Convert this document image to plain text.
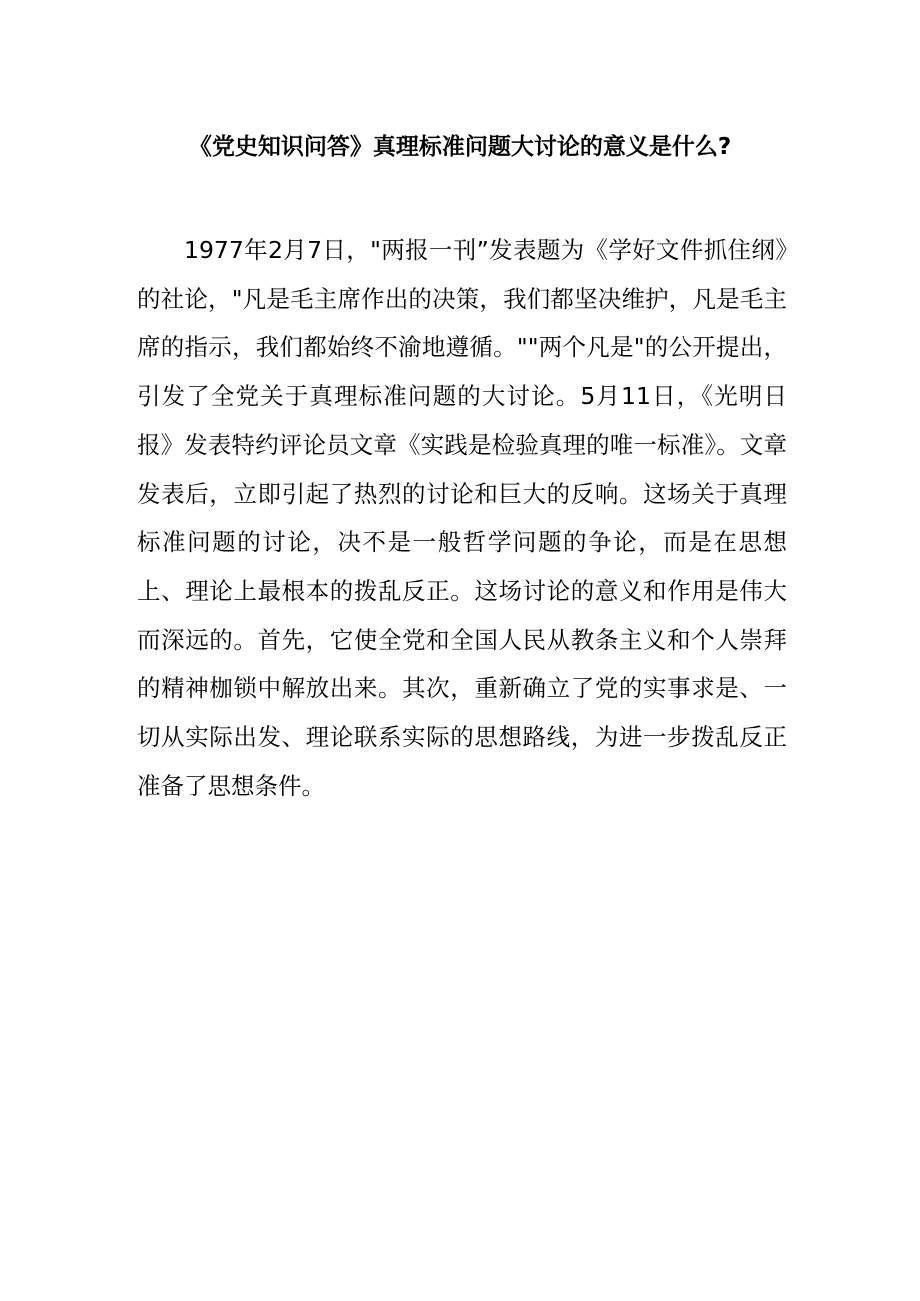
《党史知识问答》真理标准问题大讨论的意义是什么?

1977年2月7日，"两报一刊”发表题为《学好文件抓住纲》的社论，"凡是毛主席作出的决策，我们都坚决维护，凡是毛主席的指示，我们都始终不渝地遵循。""两个凡是"的公开提出，引发了全党关于真理标准问题的大讨论。5月11日，《光明日报》发表特约评论员文章《实践是检验真理的唯一标准》。文章发表后，立即引起了热烈的讨论和巨大的反响。这场关于真理标准问题的讨论，决不是一般哲学问题的争论，而是在思想上、理论上最根本的拨乱反正。这场讨论的意义和作用是伟大而深远的。首先，它使全党和全国人民从教条主义和个人崇拜的精神枷锁中解放出来。其次，重新确立了党的实事求是、一切从实际出发、理论联系实际的思想路线，为进一步拨乱反正准备了思想条件。
